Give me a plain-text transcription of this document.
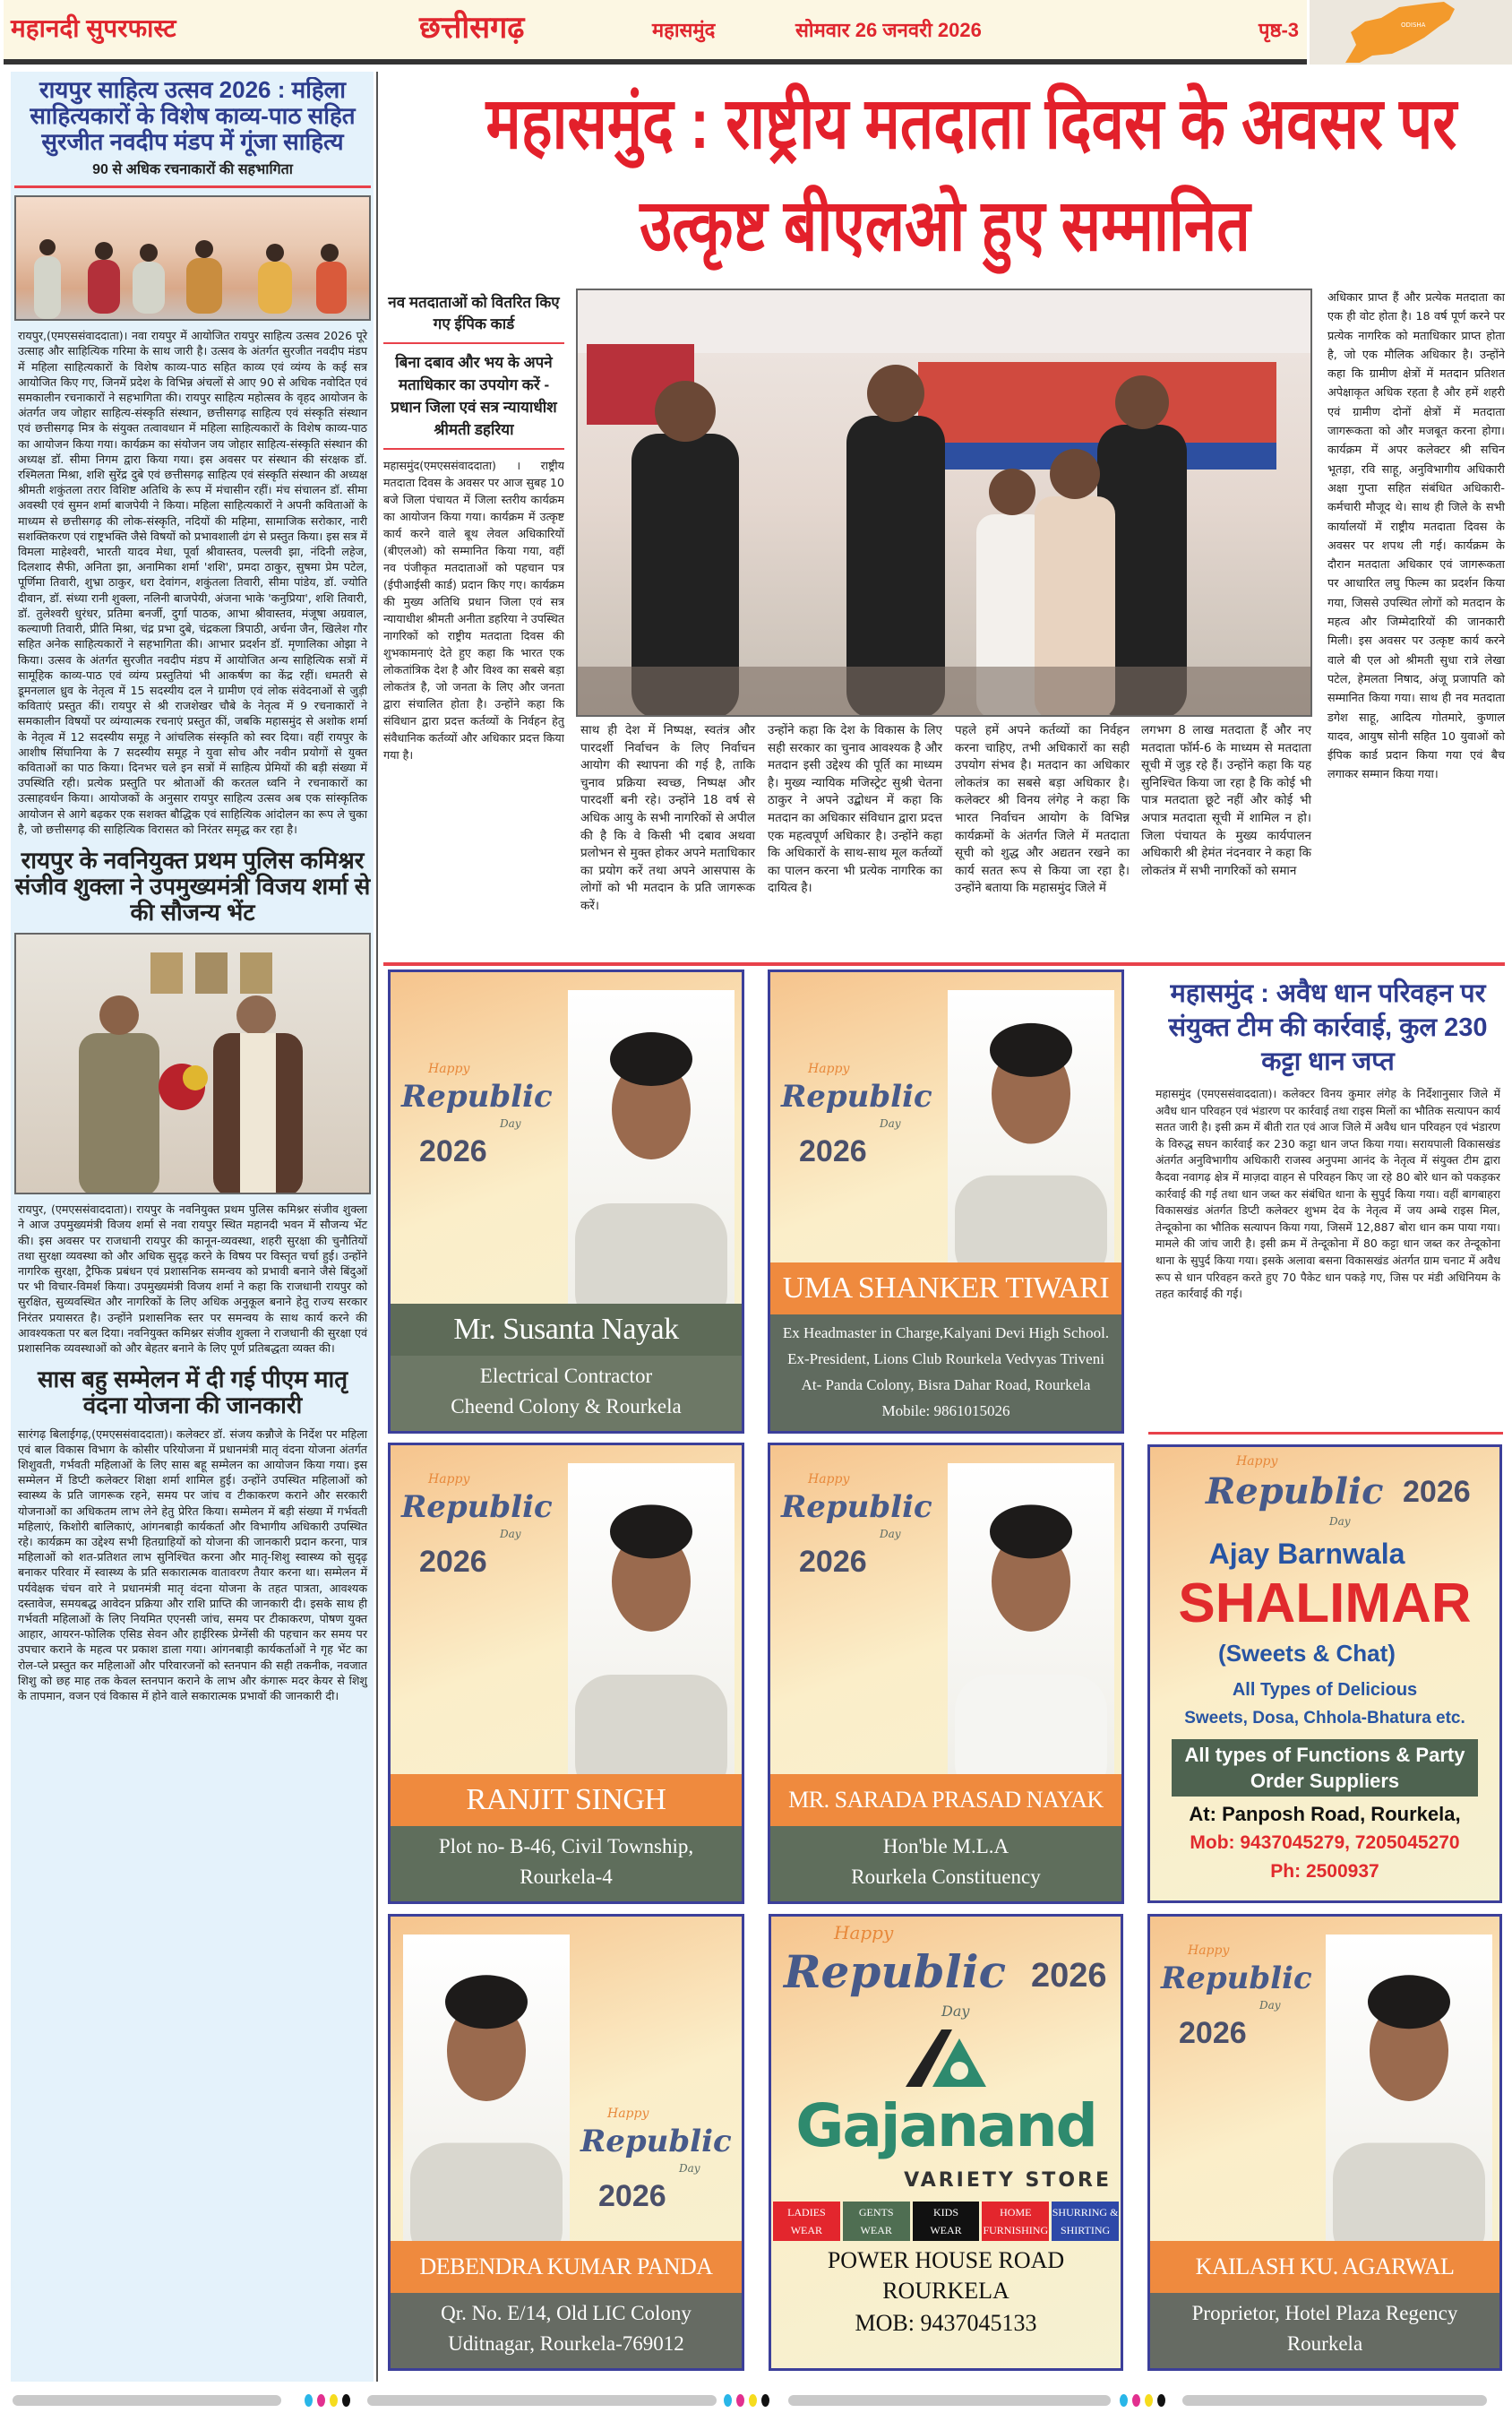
महानदी सुपरफास्ट	छत्तीसगढ़	महासमुंद	सोमवार 26 जनवरी 2026	पृष्ठ-3	ODISHA
महासमुंद : राष्ट्रीय मतदाता दिवस के अवसर पर
उत्कृष्ट बीएलओ हुए सम्मानित
रायपुर साहित्य उत्सव 2026 : महिला साहित्यकारों के विशेष काव्य-पाठ सहित सुरजीत नवदीप मंडप में गूंजा साहित्य
90 से अधिक रचनाकारों की सहभागिता
रायपुर,(एमएससंवाददाता)। नवा रायपुर में आयोजित रायपुर साहित्य उत्सव 2026 पूरे उत्साह और साहित्यिक गरिमा के साथ जारी है। उत्सव के अंतर्गत सुरजीत नवदीप मंडप में महिला साहित्यकारों के विशेष काव्य-पाठ सहित काव्य एवं व्यंग्य के कई सत्र आयोजित किए गए, जिनमें प्रदेश के विभिन्न अंचलों से आए 90 से अधिक नवोदित एवं समकालीन रचनाकारों ने सहभागिता की। रायपुर साहित्य महोत्सव के वृहद आयोजन के अंतर्गत जय जोहार साहित्य-संस्कृति संस्थान, छत्तीसगढ़ साहित्य एवं संस्कृति संस्थान एवं छत्तीसगढ़ मित्र के संयुक्त तत्वावधान में महिला साहित्यकारों के विशेष काव्य-पाठ का आयोजन किया गया। कार्यक्रम का संयोजन जय जोहार साहित्य-संस्कृति संस्थान की अध्यक्ष डॉ. सीमा निगम द्वारा किया गया। इस अवसर पर संस्थान की संरक्षक डॉ. रश्मिलता मिश्रा, शशि सुरेंद्र दुबे एवं छत्तीसगढ़ साहित्य एवं संस्कृति संस्थान की अध्यक्ष श्रीमती शकुंतला तरार विशिष्ट अतिथि के रूप में मंचासीन रहीं। मंच संचालन डॉ. सीमा अवस्थी एवं सुमन शर्मा बाजपेयी ने किया। महिला साहित्यकारों ने अपनी कविताओं के माध्यम से छत्तीसगढ़ की लोक-संस्कृति, नदियों की महिमा, सामाजिक सरोकार, नारी सशक्तिकरण एवं राष्ट्रभक्ति जैसे विषयों को प्रभावशाली ढंग से प्रस्तुत किया। इस सत्र में विमला माहेश्वरी, भारती यादव मेधा, पूर्वा श्रीवास्तव, पल्लवी झा, नंदिनी लहेज, दिलशाद सैफी, अनिता झा, अनामिका शर्मा 'शशि', प्रमदा ठाकुर, सुषमा प्रेम पटेल, पूर्णिमा तिवारी, शुभ्रा ठाकुर, धरा देवांगन, शकुंतला तिवारी, सीमा पांडेय, डॉ. ज्योति दीवान, डॉ. संध्या रानी शुक्ला, नलिनी बाजपेयी, अंजना भाके 'कनुप्रिया', शशि तिवारी, डॉ. तुलेश्वरी धुरंधर, प्रतिमा बनर्जी, दुर्गा पाठक, आभा श्रीवास्तव, मंजूषा अग्रवाल, कल्याणी तिवारी, प्रीति मिश्रा, चंद्र प्रभा दुबे, चंद्रकला त्रिपाठी, अर्चना जैन, खिलेश गौर सहित अनेक साहित्यकारों ने सहभागिता की। आभार प्रदर्शन डॉ. मृणालिका ओझा ने किया। उत्सव के अंतर्गत सुरजीत नवदीप मंडप में आयोजित अन्य साहित्यिक सत्रों में सामूहिक काव्य-पाठ एवं व्यंग्य प्रस्तुतियां भी आकर्षण का केंद्र रहीं। धमतरी से डूमनलाल ध्रुव के नेतृत्व में 15 सदस्यीय दल ने ग्रामीण एवं लोक संवेदनाओं से जुड़ी कविताएं प्रस्तुत कीं। रायपुर से श्री राजशेखर चौबे के नेतृत्व में 9 रचनाकारों ने समकालीन विषयों पर व्यंग्यात्मक रचनाएं प्रस्तुत कीं, जबकि महासमुंद से अशोक शर्मा के नेतृत्व में 12 सदस्यीय समूह ने आंचलिक संस्कृति को स्वर दिया। वहीं रायपुर के आशीष सिंघानिया के 7 सदस्यीय समूह ने युवा सोच और नवीन प्रयोगों से युक्त कविताओं का पाठ किया। दिनभर चले इन सत्रों में साहित्य प्रेमियों की बड़ी संख्या में उपस्थिति रही। प्रत्येक प्रस्तुति पर श्रोताओं की करतल ध्वनि ने रचनाकारों का उत्साहवर्धन किया। आयोजकों के अनुसार रायपुर साहित्य उत्सव अब एक सांस्कृतिक आयोजन से आगे बढ़कर एक सशक्त बौद्धिक एवं साहित्यिक आंदोलन का रूप ले चुका है, जो छत्तीसगढ़ की साहित्यिक विरासत को निरंतर समृद्ध कर रहा है।
रायपुर के नवनियुक्त प्रथम पुलिस कमिश्नर संजीव शुक्ला ने उपमुख्यमंत्री विजय शर्मा से की सौजन्य भेंट
रायपुर, (एमएससंवाददाता)। रायपुर के नवनियुक्त प्रथम पुलिस कमिश्नर संजीव शुक्ला ने आज उपमुख्यमंत्री विजय शर्मा से नवा रायपुर स्थित महानदी भवन में सौजन्य भेंट की। इस अवसर पर राजधानी रायपुर की कानून-व्यवस्था, शहरी सुरक्षा की चुनौतियों तथा सुरक्षा व्यवस्था को और अधिक सुदृढ़ करने के विषय पर विस्तृत चर्चा हुई। उन्होंने नागरिक सुरक्षा, ट्रैफिक प्रबंधन एवं प्रशासनिक समन्वय को प्रभावी बनाने जैसे बिंदुओं पर भी विचार-विमर्श किया। उपमुख्यमंत्री विजय शर्मा ने कहा कि राजधानी रायपुर को सुरक्षित, सुव्यवस्थित और नागरिकों के लिए अधिक अनुकूल बनाने हेतु राज्य सरकार निरंतर प्रयासरत है। उन्होंने प्रशासनिक स्तर पर समन्वय के साथ कार्य करने की आवश्यकता पर बल दिया। नवनियुक्त कमिश्नर संजीव शुक्ला ने राजधानी की सुरक्षा एवं प्रशासनिक व्यवस्थाओं को और बेहतर बनाने के लिए पूर्ण प्रतिबद्धता व्यक्त की।
सास बहु सम्मेलन में दी गई पीएम मातृ वंदना योजना की जानकारी
सारंगढ़ बिलाईगढ़,(एमएससंवाददाता)। कलेक्टर डॉ. संजय कन्नौजे के निर्देश पर महिला एवं बाल विकास विभाग के कोसीर परियोजना में प्रधानमंत्री मातृ वंदना योजना अंतर्गत शिशुवती, गर्भवती महिलाओं के लिए सास बहू सम्मेलन का आयोजन किया गया। इस सम्मेलन में डिप्टी कलेक्टर शिक्षा शर्मा शामिल हुई। उन्होंने उपस्थित महिलाओं को स्वास्थ्य के प्रति जागरूक रहने, समय पर जांच व टीकाकरण कराने और सरकारी योजनाओं का अधिकतम लाभ लेने हेतु प्रेरित किया। सम्मेलन में बड़ी संख्या में गर्भवती महिलाएं, किशोरी बालिकाएं, आंगनबाड़ी कार्यकर्ता और विभागीय अधिकारी उपस्थित रहे। कार्यक्रम का उद्देश्य सभी हितग्राहियों को योजना की जानकारी प्रदान करना, पात्र महिलाओं को शत-प्रतिशत लाभ सुनिश्चित करना और मातृ-शिशु स्वास्थ्य को सुदृढ़ बनाकर परिवार में स्वास्थ्य के प्रति सकारात्मक वातावरण तैयार करना था। सम्मेलन में पर्यवेक्षक चंचन वारे ने प्रधानमंत्री मातृ वंदना योजना के तहत पात्रता, आवश्यक दस्तावेज, समयबद्ध आवेदन प्रक्रिया और राशि प्राप्ति की जानकारी दी। इसके साथ ही गर्भवती महिलाओं के लिए नियमित एएनसी जांच, समय पर टीकाकरण, पोषण युक्त आहार, आयरन-फोलिक एसिड सेवन और हाईरिस्क प्रेग्नेंसी की पहचान कर समय पर उपचार कराने के महत्व पर प्रकाश डाला गया। आंगनबाड़ी कार्यकर्ताओं ने गृह भेंट का रोल-प्ले प्रस्तुत कर महिलाओं और परिवारजनों को स्तनपान की सही तकनीक, नवजात शिशु को छह माह तक केवल स्तनपान कराने के लाभ और कंगारू मदर केयर से शिशु के तापमान, वजन एवं विकास में होने वाले सकारात्मक प्रभावों की जानकारी दी।
नव मतदाताओं को वितरित किए गए ईपिक कार्ड
बिना दबाव और भय के अपने मताधिकार का उपयोग करें - प्रधान जिला एवं सत्र न्यायाधीश श्रीमती डहरिया
महासमुंद(एमएससंवाददाता) । राष्ट्रीय मतदाता दिवस के अवसर पर आज सुबह 10 बजे जिला पंचायत में जिला स्तरीय कार्यक्रम का आयोजन किया गया। कार्यक्रम में उत्कृष्ट कार्य करने वाले बूथ लेवल अधिकारियों (बीएलओ) को सम्मानित किया गया, वहीं नव पंजीकृत मतदाताओं को पहचान पत्र (ईपीआईसी कार्ड) प्रदान किए गए। कार्यक्रम की मुख्य अतिथि प्रधान जिला एवं सत्र न्यायाधीश श्रीमती अनीता डहरिया ने उपस्थित नागरिकों को राष्ट्रीय मतदाता दिवस की शुभकामनाएं देते हुए कहा कि भारत एक लोकतांत्रिक देश है और विश्व का सबसे बड़ा लोकतंत्र है, जो जनता के लिए और जनता द्वारा संचालित होता है। उन्होंने कहा कि संविधान द्वारा प्रदत्त कर्तव्यों के निर्वहन हेतु संवैधानिक कर्तव्यों और अधिकार प्रदत्त किया गया है।
साथ ही देश में निष्पक्ष, स्वतंत्र और पारदर्शी निर्वाचन के लिए निर्वाचन आयोग की स्थापना की गई है, ताकि चुनाव प्रक्रिया स्वच्छ, निष्पक्ष और पारदर्शी बनी रहे। उन्होंने 18 वर्ष से अधिक आयु के सभी नागरिकों से अपील की है कि वे किसी भी दबाव अथवा प्रलोभन से मुक्त होकर अपने मताधिकार का प्रयोग करें तथा अपने आसपास के लोगों को भी मतदान के प्रति जागरूक करें।
उन्होंने कहा कि देश के विकास के लिए सही सरकार का चुनाव आवश्यक है और मतदान इसी उद्देश्य की पूर्ति का माध्यम है। मुख्य न्यायिक मजिस्ट्रेट सुश्री चेतना ठाकुर ने अपने उद्बोधन में कहा कि मतदान का अधिकार संविधान द्वारा प्रदत्त एक महत्वपूर्ण अधिकार है। उन्होंने कहा कि अधिकारों के साथ-साथ मूल कर्तव्यों का पालन करना भी प्रत्येक नागरिक का दायित्व है।
पहले हमें अपने कर्तव्यों का निर्वहन करना चाहिए, तभी अधिकारों का सही उपयोग संभव है। मतदान का अधिकार लोकतंत्र का सबसे बड़ा अधिकार है। कलेक्टर श्री विनय लंगेह ने कहा कि भारत निर्वाचन आयोग के विभिन्न कार्यक्रमों के अंतर्गत जिले में मतदाता सूची को शुद्ध और अद्यतन रखने का कार्य सतत रूप से किया जा रहा है। उन्होंने बताया कि महासमुंद जिले में
लगभग 8 लाख मतदाता हैं और नए मतदाता फॉर्म-6 के माध्यम से मतदाता सूची में जुड़ रहे हैं। उन्होंने कहा कि यह सुनिश्चित किया जा रहा है कि कोई भी पात्र मतदाता छूटे नहीं और कोई भी अपात्र मतदाता सूची में शामिल न हो। जिला पंचायत के मुख्य कार्यपालन अधिकारी श्री हेमंत नंदनवार ने कहा कि लोकतंत्र में सभी नागरिकों को समान
अधिकार प्राप्त हैं और प्रत्येक मतदाता का एक ही वोट होता है। 18 वर्ष पूर्ण करने पर प्रत्येक नागरिक को मताधिकार प्राप्त होता है, जो एक मौलिक अधिकार है। उन्होंने कहा कि ग्रामीण क्षेत्रों में मतदान प्रतिशत अपेक्षाकृत अधिक रहता है और हमें शहरी एवं ग्रामीण दोनों क्षेत्रों में मतदाता जागरूकता को और मजबूत करना होगा। कार्यक्रम में अपर कलेक्टर श्री सचिन भूतड़ा, रवि साहू, अनुविभागीय अधिकारी अक्षा गुप्ता सहित संबंधित अधिकारी-कर्मचारी मौजूद थे। साथ ही जिले के सभी कार्यालयों में राष्ट्रीय मतदाता दिवस के अवसर पर शपथ ली गई। कार्यक्रम के दौरान मतदाता अधिकार एवं जागरूकता पर आधारित लघु फिल्म का प्रदर्शन किया गया, जिससे उपस्थित लोगों को मतदान के महत्व और जिम्मेदारियों की जानकारी मिली। इस अवसर पर उत्कृष्ट कार्य करने वाले बी एल ओ श्रीमती सुधा रात्रे लेखा पटेल, हेमलता निषाद, अंजू प्रजापति को सम्मानित किया गया। साथ ही नव मतदाता डगेश साहू, आदित्य गोतमारे, कुणाल यादव, आयुष सोनी सहित 10 युवाओं को ईपिक कार्ड प्रदान किया गया एवं बैच लगाकर सम्मान किया गया।
महासमुंद : अवैध धान परिवहन पर संयुक्त टीम की कार्रवाई, कुल 230 कट्टा धान जप्त
महासमुंद (एमएससंवाददाता)। कलेक्टर विनय कुमार लंगेह के निर्देशानुसार जिले में अवैध धान परिवहन एवं भंडारण पर कार्रवाई तथा राइस मिलों का भौतिक सत्यापन कार्य सतत जारी है। इसी क्रम में बीती रात एवं आज जिले में अवैध धान परिवहन एवं भंडारण के विरुद्ध सघन कार्रवाई कर 230 कट्टा धान जप्त किया गया। सरायपाली विकासखंड अंतर्गत अनुविभागीय अधिकारी राजस्व अनुपमा आनंद के नेतृत्व में संयुक्त टीम द्वारा कैदवा नवागढ़ क्षेत्र में माज़दा वाहन से परिवहन किए जा रहे 80 बोरे धान को पकड़कर कार्रवाई की गई तथा धान जब्त कर संबंधित थाना के सुपुर्द किया गया। वहीं बागबाहरा विकासखंड अंतर्गत डिप्टी कलेक्टर शुभम देव के नेतृत्व में जय अम्बे राइस मिल, तेन्दूकोना का भौतिक सत्यापन किया गया, जिसमें 12,887 बोरा धान कम पाया गया। मामले की जांच जारी है। इसी क्रम में तेन्दूकोना में 80 कट्टा धान जब्त कर तेन्दूकोना थाना के सुपुर्द किया गया। इसके अलावा बसना विकासखंड अंतर्गत ग्राम चनाट में अवैध रूप से धान परिवहन करते हुए 70 पैकेट धान पकड़े गए, जिस पर मंडी अधिनियम के तहत कार्रवाई की गई।
Happy
Republic
Day
2026
Mr. Susanta Nayak
Electrical Contractor
Cheend Colony & Rourkela
Happy
Republic
Day
2026
UMA SHANKER TIWARI
Ex Headmaster in Charge,Kalyani Devi High School.
Ex-President, Lions Club Rourkela Vedvyas Triveni
At- Panda Colony, Bisra Dahar Road, Rourkela
Mobile: 9861015026
Happy
Republic
Day
2026
RANJIT SINGH
Plot no- B-46, Civil Township,
Rourkela-4
Happy
Republic
Day
2026
MR. SARADA PRASAD NAYAK
Hon'ble M.L.A
Rourkela Constituency
Happy
Republic
Day
2026
DEBENDRA KUMAR PANDA
Qr. No. E/14, Old LIC Colony
Uditnagar, Rourkela-769012
Happy
Republic
Day
2026
KAILASH KU. AGARWAL
Proprietor, Hotel Plaza Regency
Rourkela
Happy
Republic
Day
2026
Ajay Barnwala
SHALIMAR
(Sweets & Chat)
All Types of Delicious
Sweets, Dosa, Chhola-Bhatura etc.
All types of Functions & Party Order Suppliers
At: Panposh Road, Rourkela,
Mob: 9437045279, 7205045270
Ph: 2500937
Happy
Republic
Day
2026
Gajanand
VARIETY STORE
LADIES
WEAR
GENTS
WEAR
KIDS
WEAR
HOME
FURNISHING
SHURRING &
SHIRTING
POWER HOUSE ROAD
ROURKELA
MOB: 9437045133
